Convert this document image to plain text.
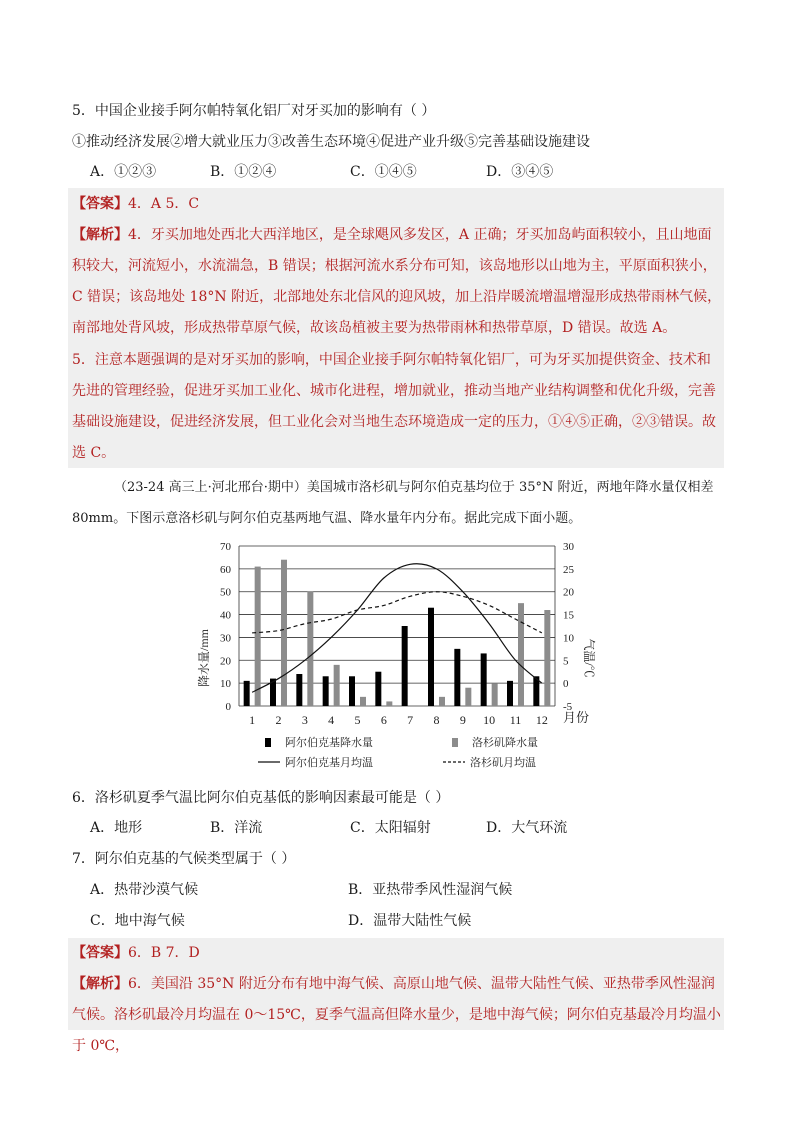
5．中国企业接手阿尔帕特氧化铝厂对牙买加的影响有（ ）
①推动经济发展②增大就业压力③改善生态环境④促进产业升级⑤完善基础设施建设
A．①②③	B．①②④	C．①④⑤	D．③④⑤
【答案】4．A 5．C
【解析】4．牙买加地处西北大西洋地区，是全球飓风多发区，A 正确；牙买加岛屿面积较小，且山地面积较大，河流短小，水流湍急，B 错误；根据河流水系分布可知，该岛地形以山地为主，平原面积狭小，C 错误；该岛地处 18°N 附近，北部地处东北信风的迎风坡，加上沿岸暖流增温增湿形成热带雨林气候，南部地处背风坡，形成热带草原气候，故该岛植被主要为热带雨林和热带草原，D 错误。故选 A。
5．注意本题强调的是对牙买加的影响，中国企业接手阿尔帕特氧化铝厂，可为牙买加提供资金、技术和先进的管理经验，促进牙买加工业化、城市化进程，增加就业，推动当地产业结构调整和优化升级，完善基础设施建设，促进经济发展，但工业化会对当地生态环境造成一定的压力，①④⑤正确，②③错误。故选 C。
（23-24 高三上·河北邢台·期中）美国城市洛杉矶与阿尔伯克基均位于 35°N 附近，两地年降水量仅相差 80mm。下图示意洛杉矶与阿尔伯克基两地气温、降水量年内分布。据此完成下面小题。
0
10
20
30
40
50
60
70
-5
0
5
10
15
20
25
30
1 2 3 4 5 6 7 8 9 10 11 12
降水量/mm	气温/℃
月份
阿尔伯克基降水量	洛杉矶降水量
阿尔伯克基月均温	洛杉矶月均温
6．洛杉矶夏季气温比阿尔伯克基低的影响因素最可能是（ ）
A．地形	B．洋流	C．太阳辐射	D．大气环流
7．阿尔伯克基的气候类型属于（ ）
A．热带沙漠气候	B．亚热带季风性湿润气候
C．地中海气候	D．温带大陆性气候
【答案】6．B 7．D
【解析】6．美国沿 35°N 附近分布有地中海气候、高原山地气候、温带大陆性气候、亚热带季风性湿润气候。洛杉矶最冷月均温在 0～15℃，夏季气温高但降水量少，是地中海气候；阿尔伯克基最冷月均温小于 0℃，
